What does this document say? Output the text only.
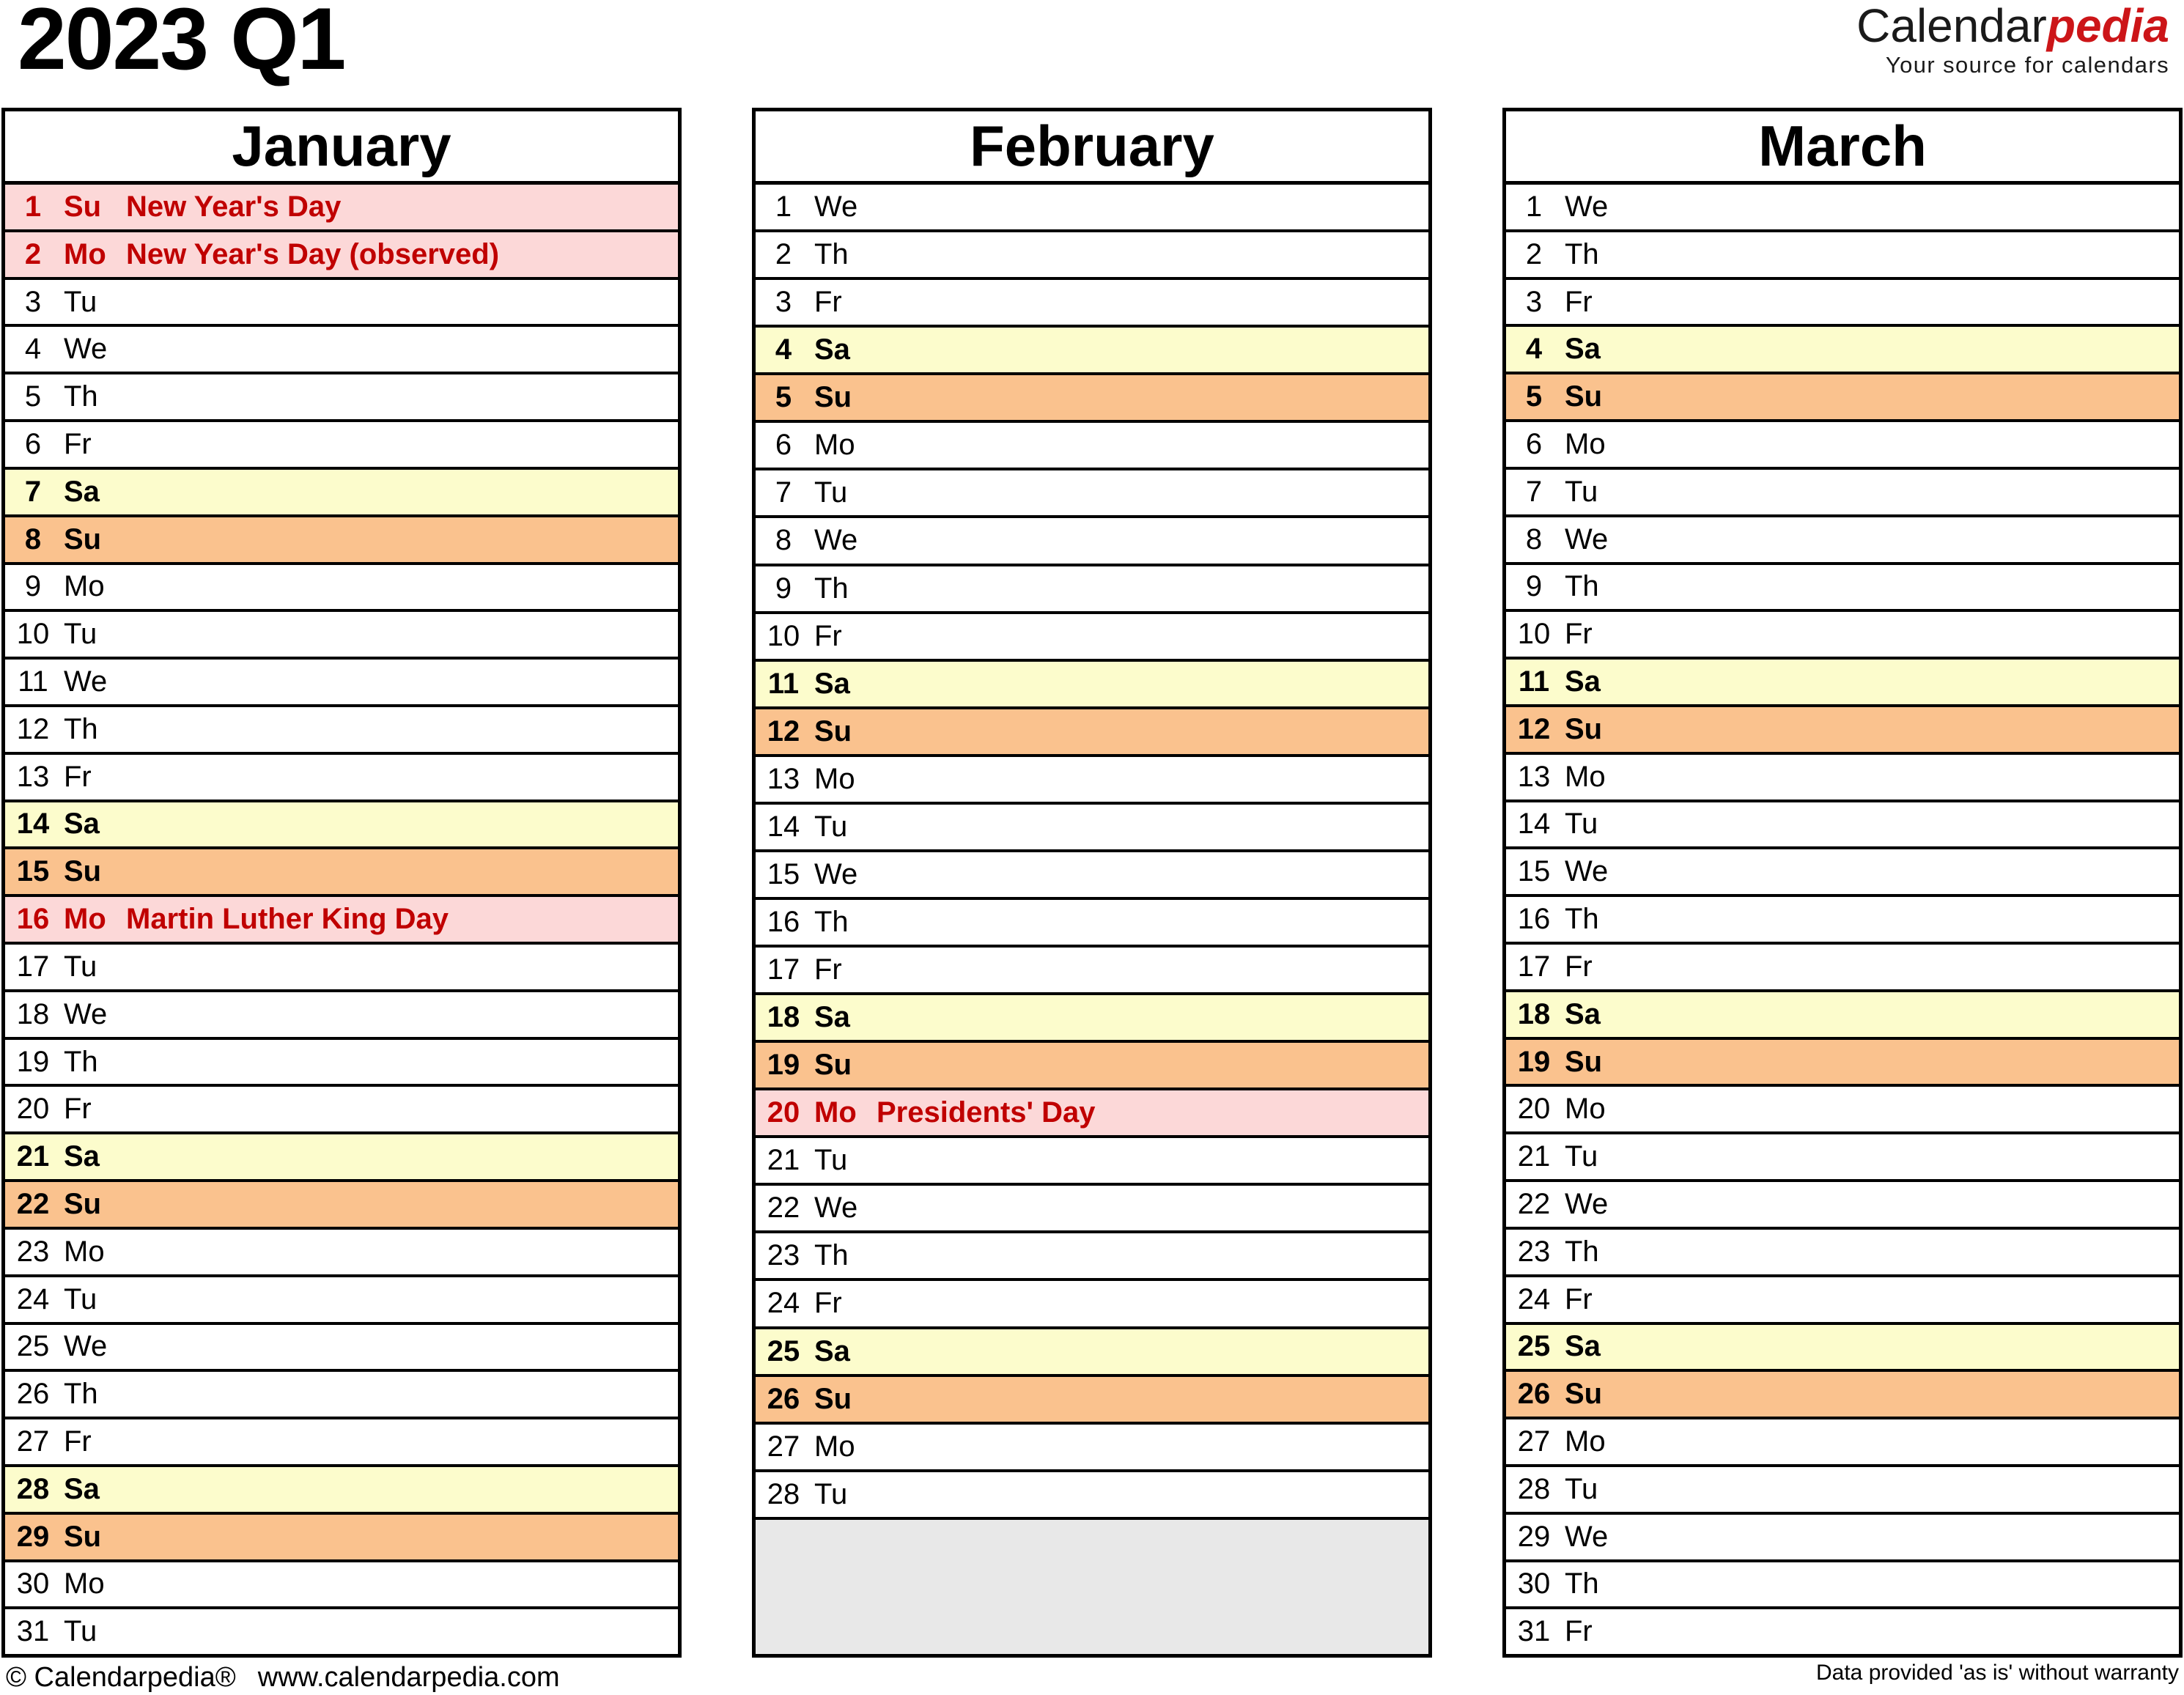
2023 Q1	Calendarpedia
Your source for calendars
January
1 Su New Year's Day
2 Mo New Year's Day (observed)
3 Tu
4 We
5 Th
6 Fr
7 Sa
8 Su
9 Mo
10 Tu
11 We
12 Th
13 Fr
14 Sa
15 Su
16 Mo Martin Luther King Day
17 Tu
18 We
19 Th
20 Fr
21 Sa
22 Su
23 Mo
24 Tu
25 We
26 Th
27 Fr
28 Sa
29 Su
30 Mo
31 Tu
February
1 We
2 Th
3 Fr
4 Sa
5 Su
6 Mo
7 Tu
8 We
9 Th
10 Fr
11 Sa
12 Su
13 Mo
14 Tu
15 We
16 Th
17 Fr
18 Sa
19 Su
20 Mo Presidents' Day
21 Tu
22 We
23 Th
24 Fr
25 Sa
26 Su
27 Mo
28 Tu
March
1 We
2 Th
3 Fr
4 Sa
5 Su
6 Mo
7 Tu
8 We
9 Th
10 Fr
11 Sa
12 Su
13 Mo
14 Tu
15 We
16 Th
17 Fr
18 Sa
19 Su
20 Mo
21 Tu
22 We
23 Th
24 Fr
25 Sa
26 Su
27 Mo
28 Tu
29 We
30 Th
31 Fr
© Calendarpedia® www.calendarpedia.com	Data provided 'as is' without warranty
